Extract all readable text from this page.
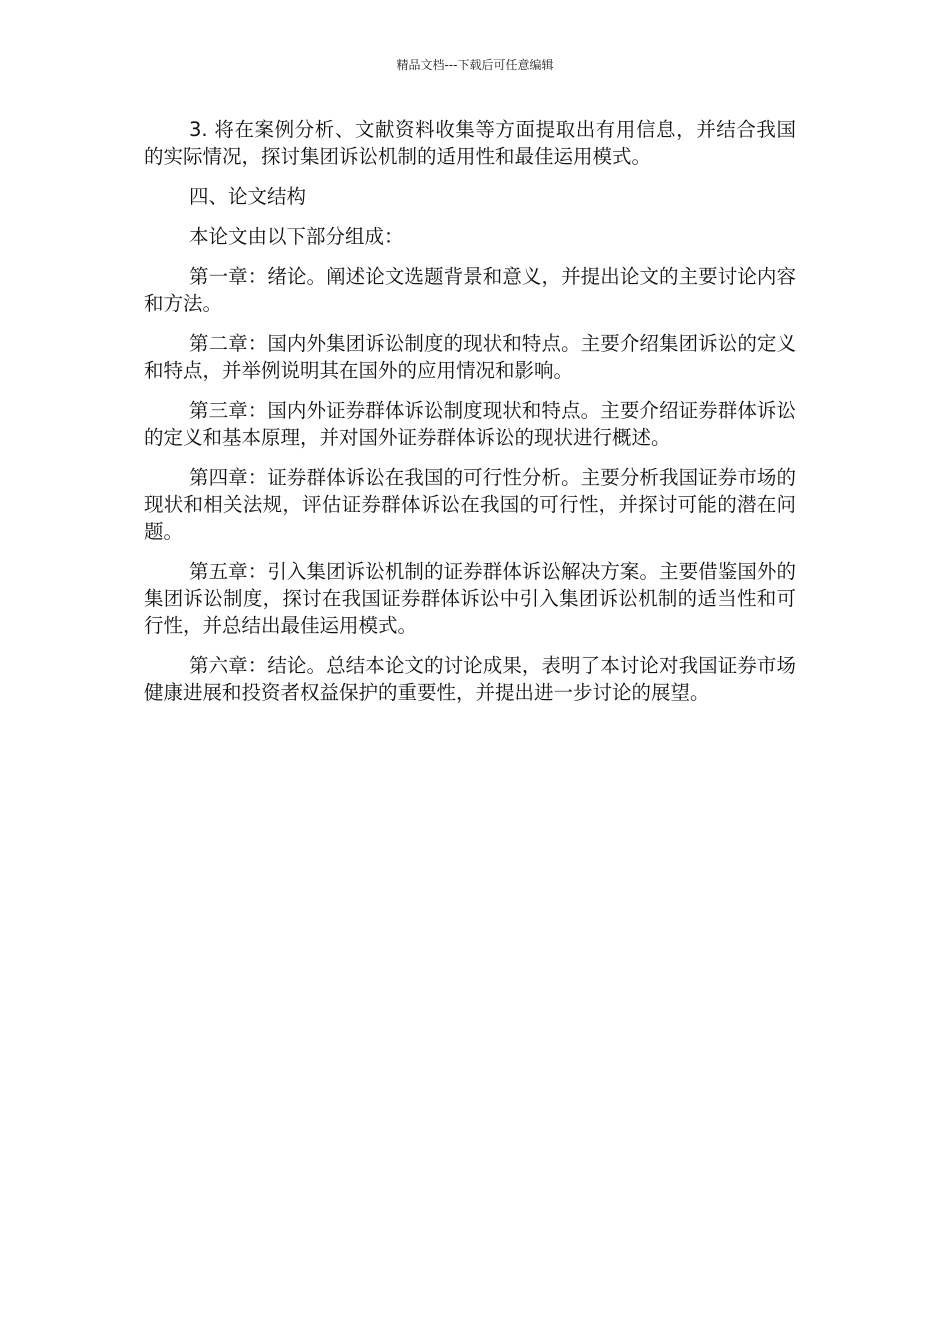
精品文档---下载后可任意编辑

3. 将在案例分析、文献资料收集等方面提取出有用信息，并结合我国的实际情况，探讨集团诉讼机制的适用性和最佳运用模式。

四、论文结构

本论文由以下部分组成：

第一章：绪论。阐述论文选题背景和意义，并提出论文的主要讨论内容和方法。

第二章：国内外集团诉讼制度的现状和特点。主要介绍集团诉讼的定义和特点，并举例说明其在国外的应用情况和影响。

第三章：国内外证券群体诉讼制度现状和特点。主要介绍证券群体诉讼的定义和基本原理，并对国外证券群体诉讼的现状进行概述。

第四章：证券群体诉讼在我国的可行性分析。主要分析我国证券市场的现状和相关法规，评估证券群体诉讼在我国的可行性，并探讨可能的潜在问题。

第五章：引入集团诉讼机制的证券群体诉讼解决方案。主要借鉴国外的集团诉讼制度，探讨在我国证券群体诉讼中引入集团诉讼机制的适当性和可行性，并总结出最佳运用模式。

第六章：结论。总结本论文的讨论成果，表明了本讨论对我国证券市场健康进展和投资者权益保护的重要性，并提出进一步讨论的展望。
